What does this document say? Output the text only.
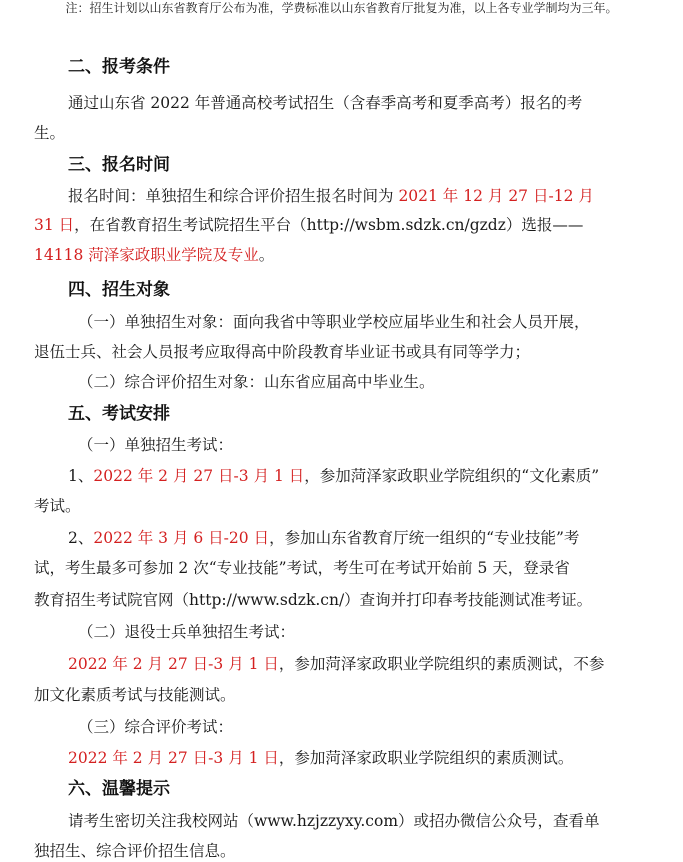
注：招生计划以山东省教育厅公布为准，学费标准以山东省教育厅批复为准，以上各专业学制均为三年。
二、报考条件
通过山东省 2022 年普通高校考试招生（含春季高考和夏季高考）报名的考
生。
三、报名时间
报名时间：单独招生和综合评价招生报名时间为 2021 年 12 月 27 日-12 月
31 日，在省教育招生考试院招生平台（http://wsbm.sdzk.cn/gzdz）选报——
14118 菏泽家政职业学院及专业。
四、招生对象
（一）单独招生对象：面向我省中等职业学校应届毕业生和社会人员开展，
退伍士兵、社会人员报考应取得高中阶段教育毕业证书或具有同等学力；
（二）综合评价招生对象：山东省应届高中毕业生。
五、考试安排
（一）单独招生考试：
1、2022 年 2 月 27 日-3 月 1 日，参加菏泽家政职业学院组织的“文化素质”
考试。
2、2022 年 3 月 6 日-20 日，参加山东省教育厅统一组织的“专业技能”考
试，考生最多可参加 2 次“专业技能”考试，考生可在考试开始前 5 天，登录省
教育招生考试院官网（http://www.sdzk.cn/）查询并打印春考技能测试准考证。
（二）退役士兵单独招生考试：
2022 年 2 月 27 日-3 月 1 日，参加菏泽家政职业学院组织的素质测试，不参
加文化素质考试与技能测试。
（三）综合评价考试：
2022 年 2 月 27 日-3 月 1 日，参加菏泽家政职业学院组织的素质测试。
六、温馨提示
请考生密切关注我校网站（www.hzjzzyxy.com）或招办微信公众号，查看单
独招生、综合评价招生信息。
